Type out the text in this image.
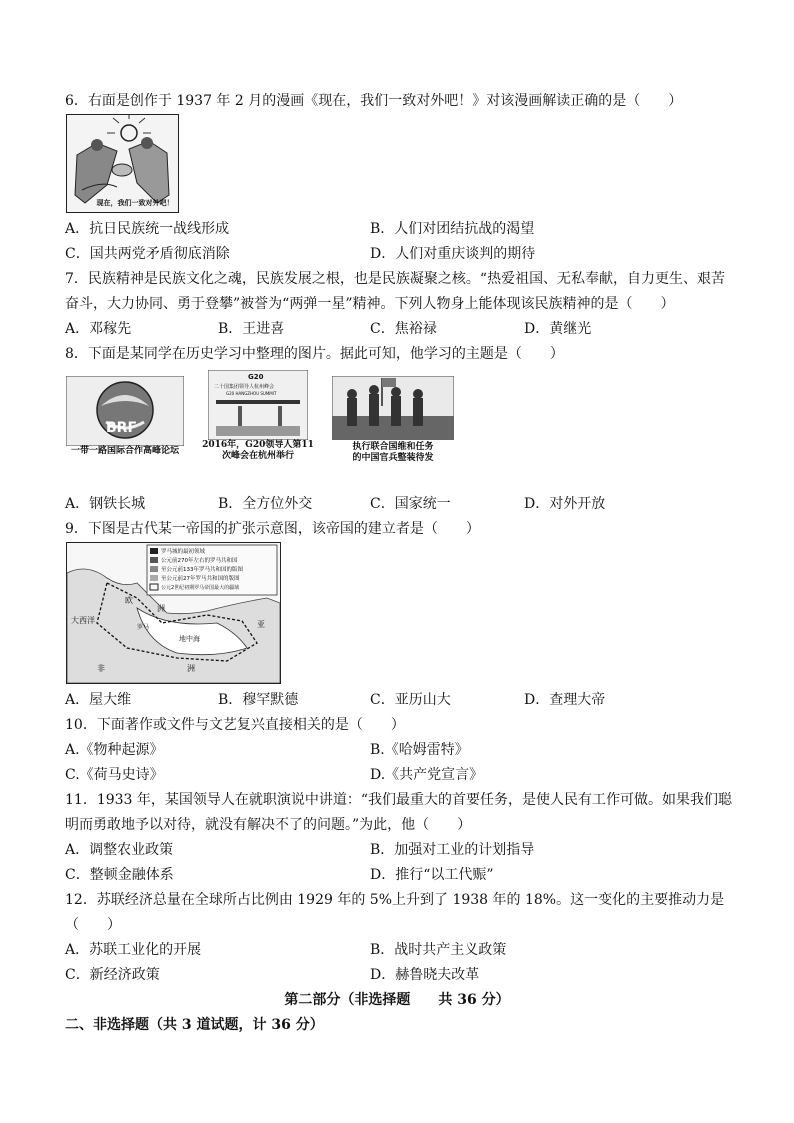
6．右面是创作于 1937 年 2 月的漫画《现在，我们一致对外吧！》对该漫画解读正确的是（　　）
现在，我们一致对外吧！
A．抗日民族统一战线形成	B．人们对团结抗战的渴望
C．国共两党矛盾彻底消除	D．人们对重庆谈判的期待
7．民族精神是民族文化之魂，民族发展之根，也是民族凝聚之核。“热爱祖国、无私奉献，自力更生、艰苦
奋斗，大力协同、勇于登攀”被誉为“两弹一星”精神。下列人物身上能体现该民族精神的是（　　）
A．邓稼先	B．王进喜	C．焦裕禄	D．黄继光
8．下面是某同学在历史学习中整理的图片。据此可知，他学习的主题是（　　）
BRF
一带一路国际合作高峰论坛
G20
二十国集团领导人杭州峰会
G20 HANGZHOU SUMMIT
2016年，G20领导人第11
次峰会在杭州举行
执行联合国维和任务
的中国官兵整装待发
A．钢铁长城	B．全方位外交	C．国家统一	D．对外开放
9．下图是古代某一帝国的扩张示意图，该帝国的建立者是（　　）
罗马城的最初领域
公元前270年左右的罗马共和国
至公元前133年罗马共和国的版图
至公元前27年罗马共和国的版图
公元2世纪初期罗马帝国最大的疆域
欧
洲
大西洋
罗马
地中海
亚
非	洲
A．屋大维	B．穆罕默德	C．亚历山大	D．查理大帝
10．下面著作或文件与文艺复兴直接相关的是（　　）
A.《物种起源》	B.《哈姆雷特》
C.《荷马史诗》	D.《共产党宣言》
11．1933 年，某国领导人在就职演说中讲道：“我们最重大的首要任务，是使人民有工作可做。如果我们聪
明而勇敢地予以对待，就没有解决不了的问题。”为此，他（　　）
A．调整农业政策	B．加强对工业的计划指导
C．整顿金融体系	D．推行“以工代赈”
12．苏联经济总量在全球所占比例由 1929 年的 5%上升到了 1938 年的 18%。这一变化的主要推动力是
（　　）
A．苏联工业化的开展	B．战时共产主义政策
C．新经济政策	D．赫鲁晓夫改革
第二部分（非选择题　　共 36 分）
二、非选择题（共 3 道试题，计 36 分）
